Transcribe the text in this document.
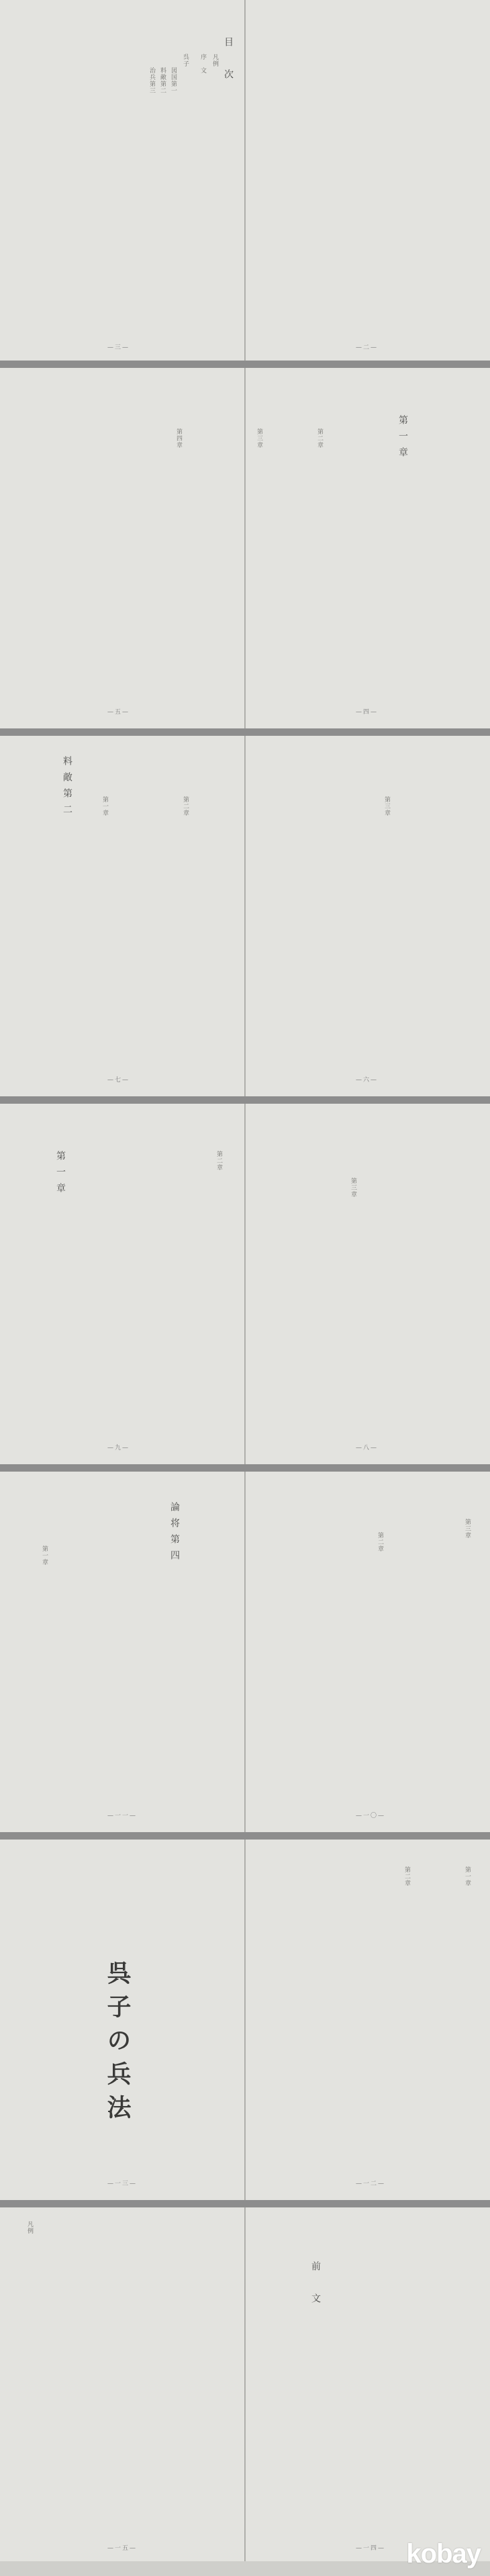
目　次
凡例
序　文
呉子
図国第一
料敵第二
治兵第三
—三—	—二—
第一章
第二章
第三章
第四章
—五—	—四—
料敵第二	第一章	第二章	第三章
—七—	—六—
第一章	第二章
第三章
—九—	—八—
論将第四
第一章
第二章
第三章
—一一—	—一〇—
呉子の兵法
第一章
第二章
—一三—	—一二—
前　文
凡例
—一五—	—一四— kobay
